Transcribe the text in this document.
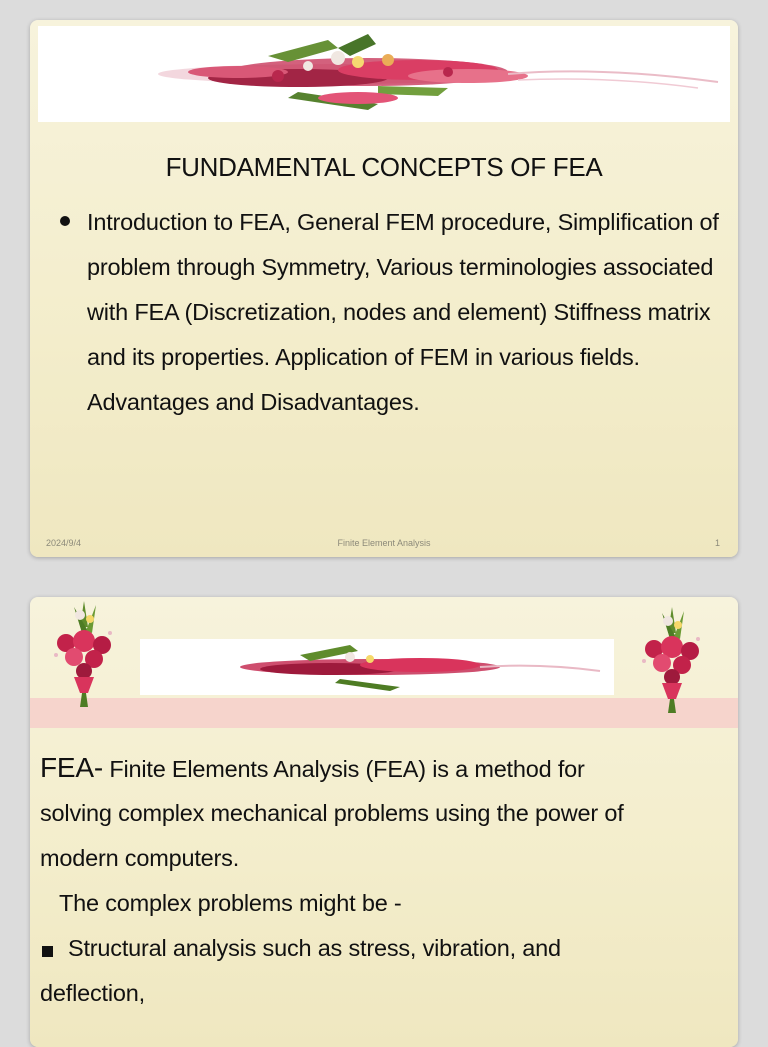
FUNDAMENTAL CONCEPTS OF FEA
Introduction to FEA, General FEM procedure, Simplification of problem through Symmetry, Various terminologies associated with FEA (Discretization, nodes and element) Stiffness matrix and its properties. Application of FEM in various fields. Advantages and Disadvantages.
2024/9/4	Finite Element Analysis	1
FEA- Finite Elements Analysis (FEA) is a method for
solving complex mechanical problems using the power of
modern computers.
The complex problems might be -
Structural analysis such as stress, vibration, and
deflection,
